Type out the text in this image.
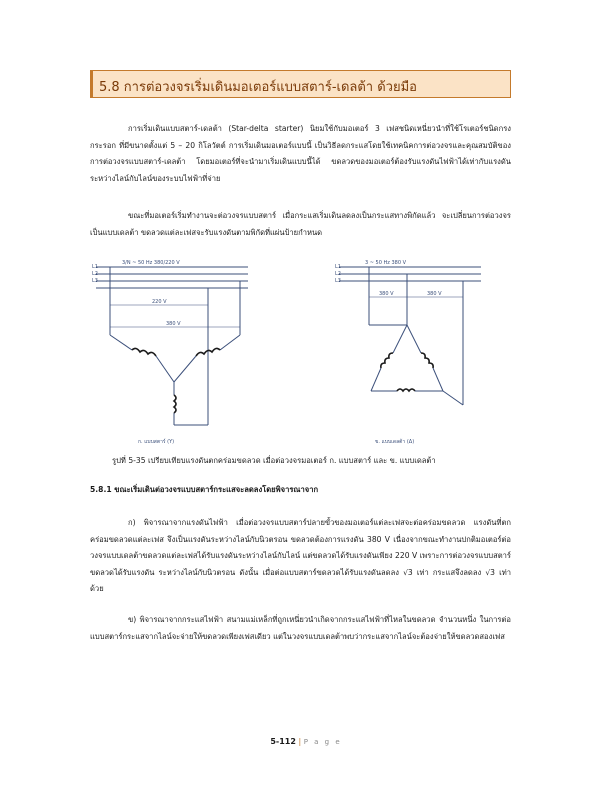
5.8 การต่อวงจรเริ่มเดินมอเตอร์แบบสตาร์-เดลต้า ด้วยมือ

การเริ่มเดินแบบสตาร์-เดลต้า (Star-delta starter) นิยมใช้กับมอเตอร์ 3 เฟสชนิดเหนี่ยวนำที่ใช้โรเตอร์ชนิดกรงกระรอก ที่มีขนาดตั้งแต่ 5 – 20 กิโลวัตต์ การเริ่มเดินมอเตอร์แบบนี้ เป็นวิธีลดกระแสโดยใช้เทคนิคการต่อวงจรและคุณสมบัติของการต่อวงจรแบบสตาร์-เดลต้า โดยมอเตอร์ที่จะนำมาเริ่มเดินแบบนี้ได้ ขดลวดของมอเตอร์ต้องรับแรงดันไฟฟ้าได้เท่ากับแรงดันระหว่างไลน์กับไลน์ของระบบไฟฟ้าที่จ่าย

ขณะที่มอเตอร์เริ่มทำงานจะต่อวงจรแบบสตาร์ เมื่อกระแสเริ่มเดินลดลงเป็นกระแสทางพิกัดแล้ว จะเปลี่ยนการต่อวงจรเป็นแบบเดลต้า ขดลวดแต่ละเฟสจะรับแรงดันตามพิกัดที่แผ่นป้ายกำหนด

3/N ~ 50 Hz 380/220 V
L1
L2
L3
220 V
380 V
ก. แบบสตาร์ (Y)
3 ~ 50 Hz 380 V
L1
L2
L3
380 V	380 V
ข. แบบเดลต้า (Δ)
รูปที่ 5-35 เปรียบเทียบแรงดันตกคร่อมขดลวด เมื่อต่อวงจรมอเตอร์ ก. แบบสตาร์ และ ข. แบบเดลต้า
5.8.1 ขณะเริ่มเดินต่อวงจรแบบสตาร์กระแสจะลดลงโดยพิจารณาจาก

ก) พิจารณาจากแรงดันไฟฟ้า เมื่อต่อวงจรแบบสตาร์ปลายขั้วของมอเตอร์แต่ละเฟสจะต่อคร่อมขดลวด แรงดันที่ตกคร่อมขดลวดแต่ละเฟส จึงเป็นแรงดันระหว่างไลน์กับนิวตรอน ขดลวดต้องการแรงดัน 380 V เนื่องจากขณะทำงานปกติมอเตอร์ต่อวงจรแบบเดลต้าขดลวดแต่ละเฟสได้รับแรงดันระหว่างไลน์กับไลน์ แต่ขดลวดได้รับแรงดันเพียง 220 V เพราะการต่อวงจรแบบสตาร์ขดลวดได้รับแรงดัน ระหว่างไลน์กับนิวตรอน ดังนั้น เมื่อต่อแบบสตาร์ขดลวดได้รับแรงดันลดลง √3 เท่า กระแสจึงลดลง √3 เท่าด้วย

ข) พิจารณาจากกระแสไฟฟ้า สนามแม่เหล็กที่ถูกเหนี่ยวนำเกิดจากกระแสไฟฟ้าที่ไหลในขดลวด จำนวนหนึ่ง ในการต่อแบบสตาร์กระแสจากไลน์จะจ่ายให้ขดลวดเพียงเฟสเดียว แต่ในวงจรแบบเดลต้าพบว่ากระแสจากไลน์จะต้องจ่ายให้ขดลวดสองเฟส

5-112 | P a g e
